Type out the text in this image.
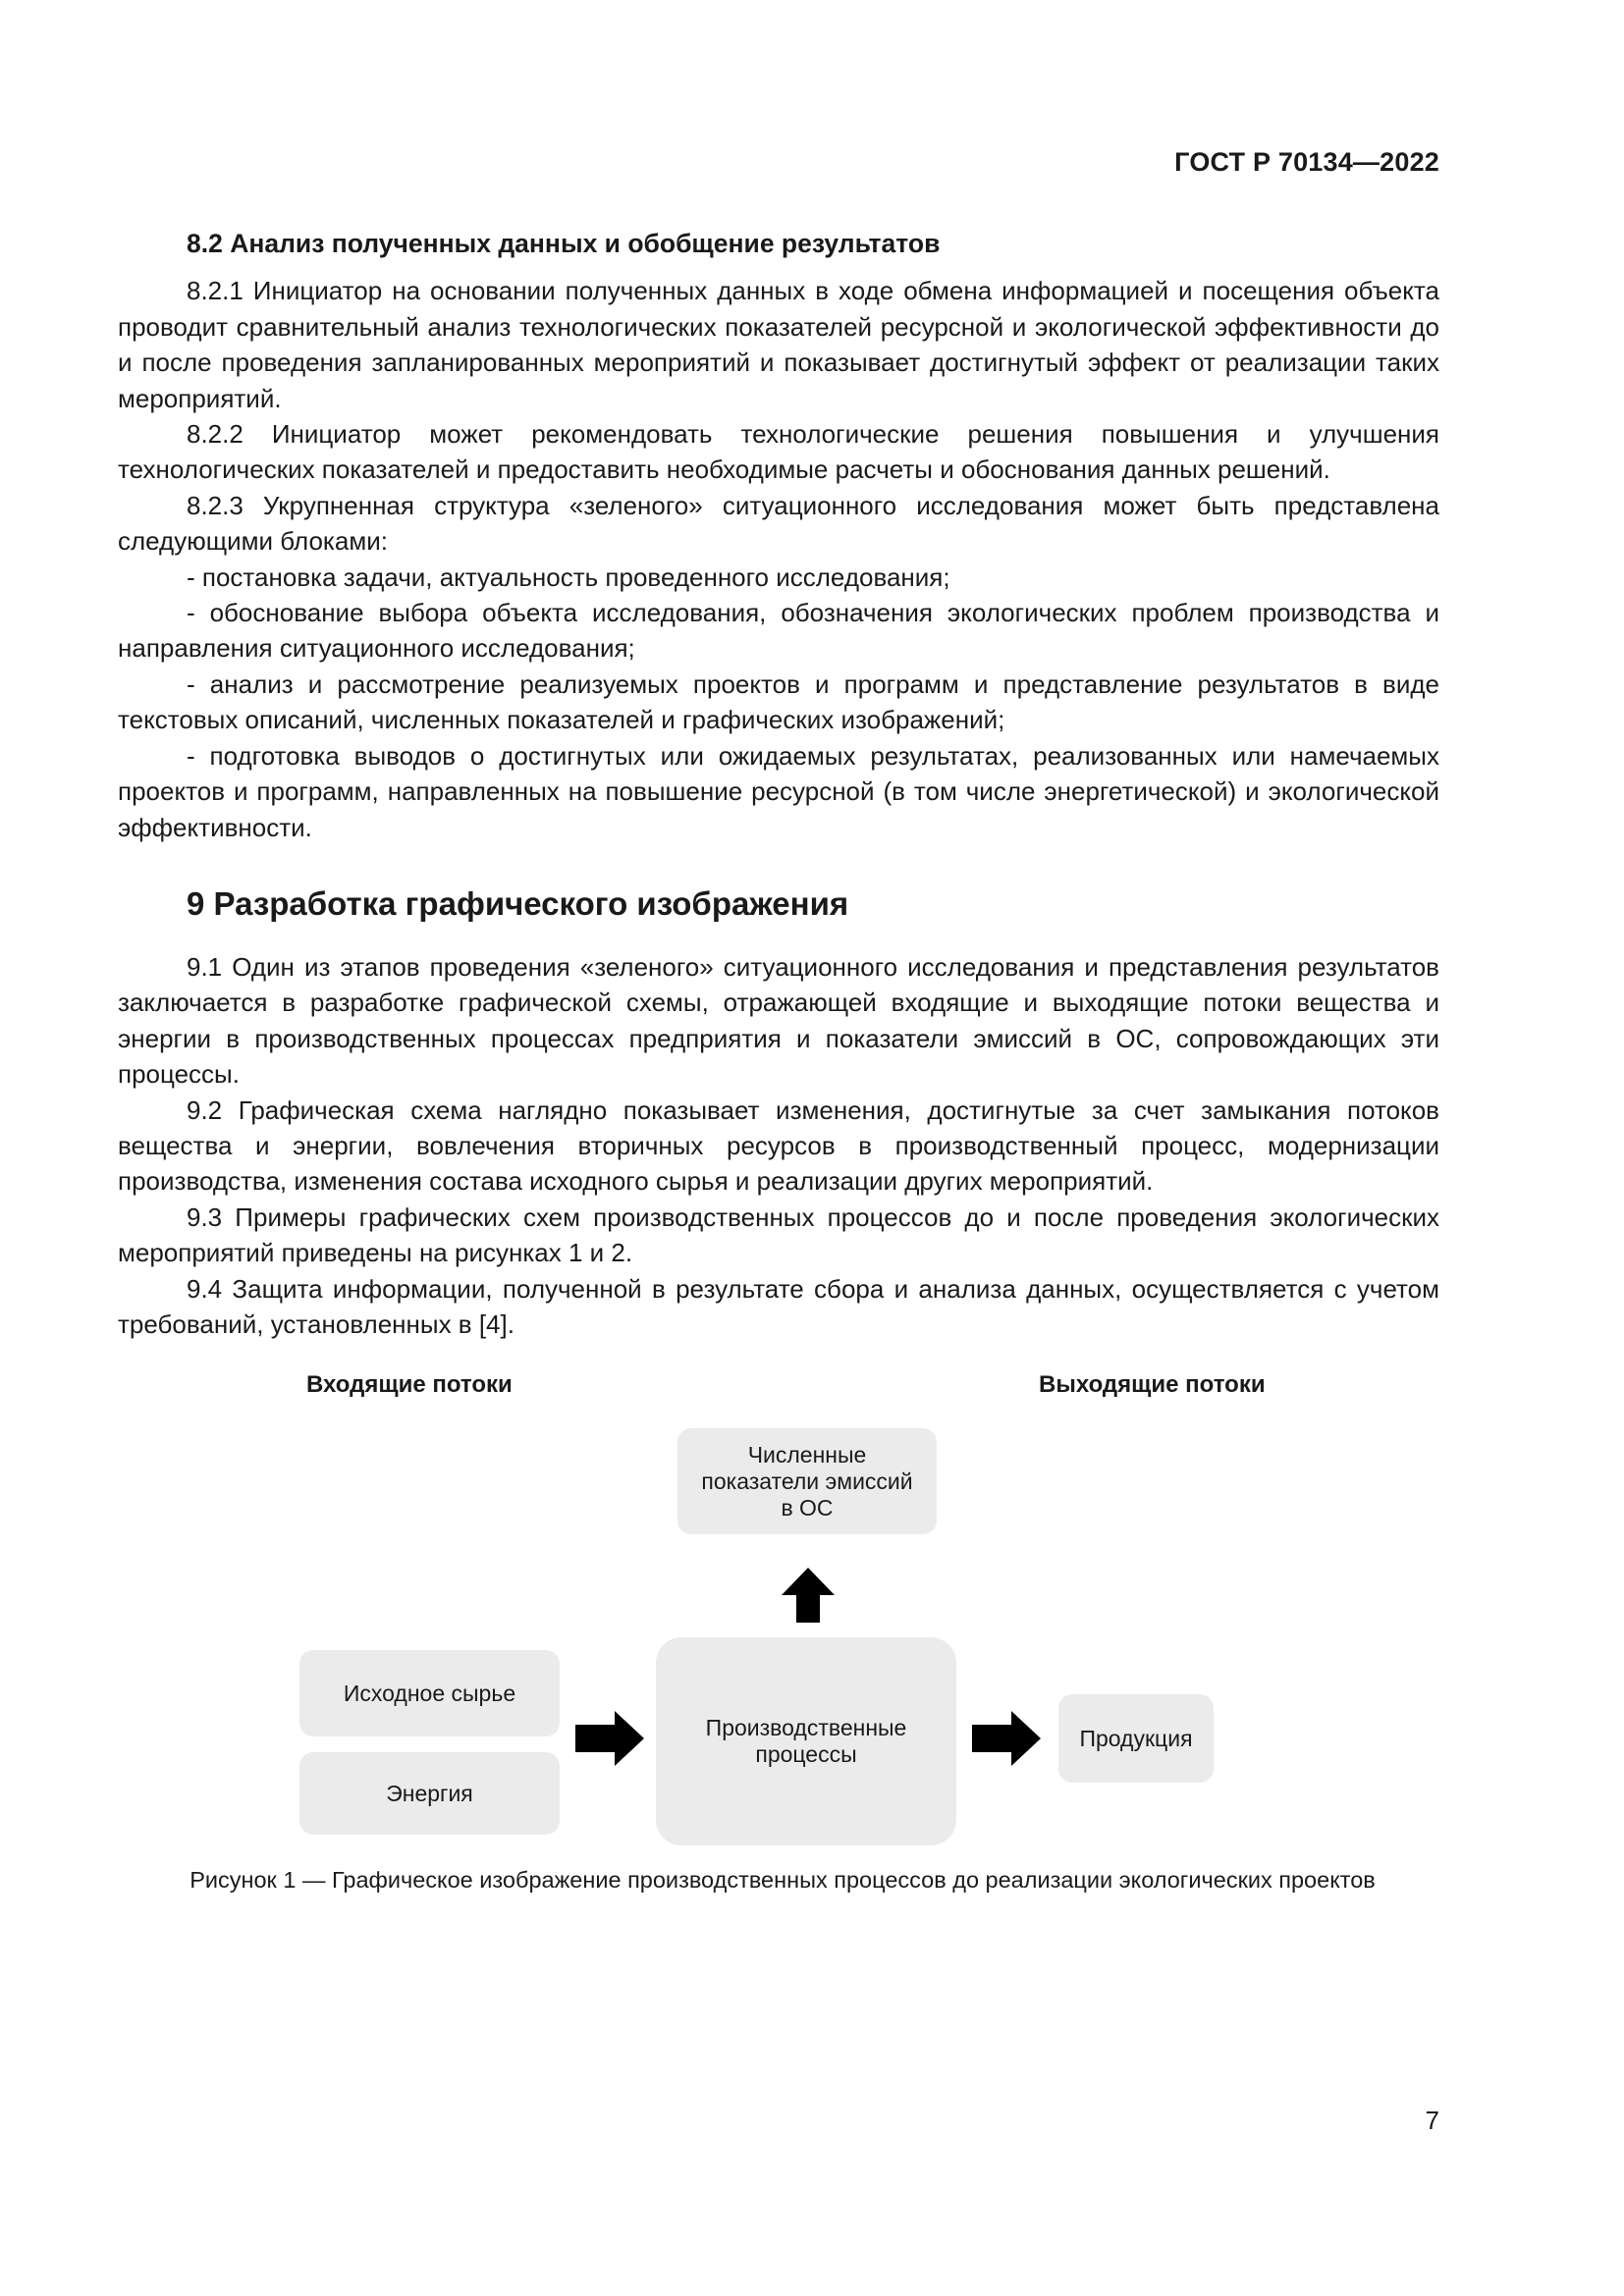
ГОСТ Р 70134—2022
8.2 Анализ полученных данных и обобщение результатов

8.2.1 Инициатор на основании полученных данных в ходе обмена информацией и посещения объекта проводит сравнительный анализ технологических показателей ресурсной и экологической эффективности до и после проведения запланированных мероприятий и показывает достигнутый эффект от реализации таких мероприятий.

8.2.2 Инициатор может рекомендовать технологические решения повышения и улучшения технологических показателей и предоставить необходимые расчеты и обоснования данных решений.

8.2.3 Укрупненная структура «зеленого» ситуационного исследования может быть представлена следующими блоками:

- постановка задачи, актуальность проведенного исследования;

- обоснование выбора объекта исследования, обозначения экологических проблем производства и направления ситуационного исследования;

- анализ и рассмотрение реализуемых проектов и программ и представление результатов в виде текстовых описаний, численных показателей и графических изображений;

- подготовка выводов о достигнутых или ожидаемых результатах, реализованных или намечаемых проектов и программ, направленных на повышение ресурсной (в том числе энергетической) и экологической эффективности.

9 Разработка графического изображения

9.1 Один из этапов проведения «зеленого» ситуационного исследования и представления результатов заключается в разработке графической схемы, отражающей входящие и выходящие потоки вещества и энергии в производственных процессах предприятия и показатели эмиссий в ОС, сопровождающих эти процессы.

9.2 Графическая схема наглядно показывает изменения, достигнутые за счет замыкания потоков вещества и энергии, вовлечения вторичных ресурсов в производственный процесс, модернизации производства, изменения состава исходного сырья и реализации других мероприятий.

9.3 Примеры графических схем производственных процессов до и после проведения экологических мероприятий приведены на рисунках 1 и 2.

9.4 Защита информации, полученной в результате сбора и анализа данных, осуществляется с учетом требований, установленных в [4].

Входящие потоки	Выходящие потоки
Численные показатели эмиссий в ОС
Исходное сырье
Энергия
Производственные процессы
Продукция
Рисунок 1 — Графическое изображение производственных процессов до реализации экологических проектов
7
